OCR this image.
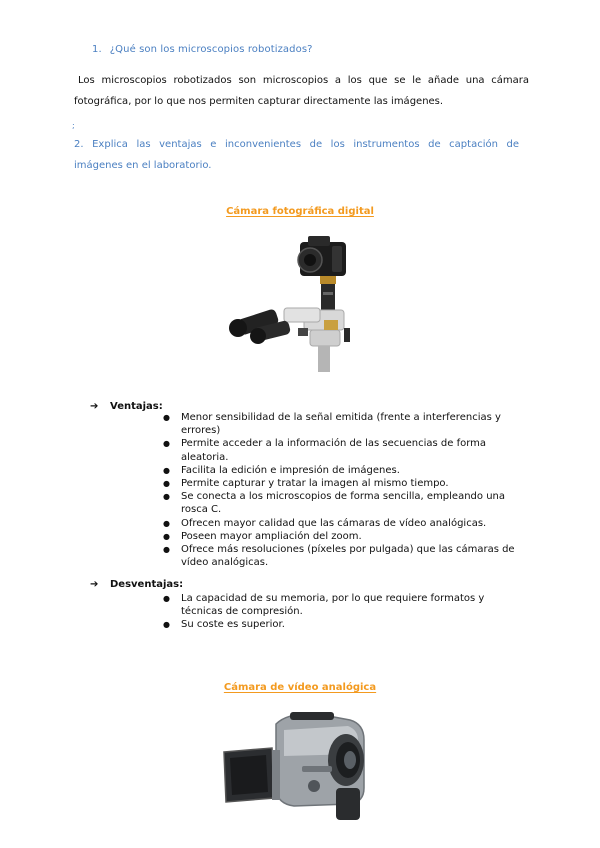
1. ¿Qué son los microscopios robotizados?
Los microscopios robotizados son microscopios a los que se le añade una cámara
fotográfica, por lo que nos permiten capturar directamente las imágenes.
;
2. Explica las ventajas e inconvenientes de los instrumentos de captación de
imágenes en el laboratorio.
Cámara fotográfica digital
➔ Ventajas:
● Menor sensibilidad de la señal emitida (frente a interferencias y errores)
● Permite acceder a la información de las secuencias de forma aleatoria.
● Facilita la edición e impresión de imágenes.
● Permite capturar y tratar la imagen al mismo tiempo.
● Se conecta a los microscopios de forma sencilla, empleando una rosca C.
● Ofrecen mayor calidad que las cámaras de vídeo analógicas.
● Poseen mayor ampliación del zoom.
● Ofrece más resoluciones (píxeles por pulgada) que las cámaras de vídeo analógicas.
➔ Desventajas:
● La capacidad de su memoria, por lo que requiere formatos y técnicas de compresión.
● Su coste es superior.
Cámara de vídeo analógica
